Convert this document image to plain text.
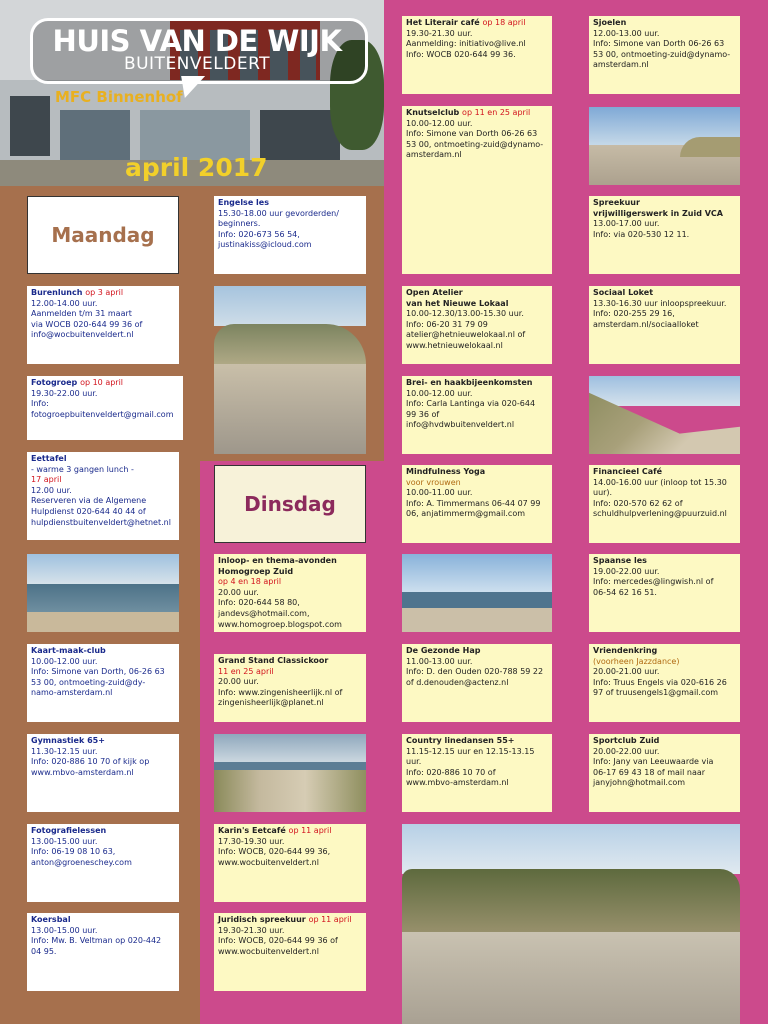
HUIS VAN DE WIJK
BUITENVELDERT
MFC Binnenhof
april 2017
Maandag
Dinsdag
Engelse les
15.30-18.00 uur gevorderden/
beginners.
Info: 020-673 56 54,
justinakiss@icloud.com
Burenlunch op 3 april
12.00-14.00 uur.
Aanmelden t/m 31 maart
via WOCB 020-644 99 36 of
info@wocbuitenveldert.nl
Fotogroep op 10 april
19.30-22.00 uur.
Info:
fotogroepbuitenveldert@gmail.com
Eettafel
- warme 3 gangen lunch -
17 april
12.00 uur.
Reserveren via de Algemene
Hulpdienst 020-644 40 44 of
hulpdienstbuitenveldert@hetnet.nl
Kaart-maak-club
10.00-12.00 uur.
Info: Simone van Dorth, 06-26 63
53 00, ontmoeting-zuid@dy-
namo-amsterdam.nl
Gymnastiek 65+
11.30-12.15 uur.
Info: 020-886 10 70 of kijk op
www.mbvo-amsterdam.nl
Fotografielessen
13.00-15.00 uur.
Info: 06-19 08 10 63,
anton@groeneschey.com
Koersbal
13.00-15.00 uur.
Info: Mw. B. Veltman op 020-442
04 95.
Inloop- en thema-avonden
Homogroep Zuid
op 4 en 18 april
20.00 uur.
Info: 020-644 58 80,
jandevs@hotmail.com,
www.homogroep.blogspot.com
Grand Stand Classickoor
11 en 25 april
20.00 uur.
Info: www.zingenisheerlijk.nl of
zingenisheerlijk@planet.nl
Karin's Eetcafé op 11 april
17.30-19.30 uur.
Info: WOCB, 020-644 99 36,
www.wocbuitenveldert.nl
Juridisch spreekuur op 11 april
19.30-21.30 uur.
Info: WOCB, 020-644 99 36 of
www.wocbuitenveldert.nl
Het Literair café op 18 april
19.30-21.30 uur.
Aanmelding: initiativo@live.nl
Info: WOCB 020-644 99 36.
Knutselclub op 11 en 25 april
10.00-12.00 uur.
Info: Simone van Dorth 06-26 63
53 00, ontmoeting-zuid@dynamo-
amsterdam.nl
Open Atelier
van het Nieuwe Lokaal
10.00-12.30/13.00-15.30 uur.
Info: 06-20 31 79 09
atelier@hetnieuwelokaal.nl of
www.hetnieuwelokaal.nl
Brei- en haakbijeenkomsten
10.00-12.00 uur.
Info: Carla Lantinga via 020-644
99 36 of
info@hvdwbuitenveldert.nl
Mindfulness Yoga
voor vrouwen
10.00-11.00 uur.
Info: A. Timmermans 06-44 07 99
06, anjatimmerm@gmail.com
De Gezonde Hap
11.00-13.00 uur.
Info: D. den Ouden 020-788 59 22
of d.denouden@actenz.nl
Country linedansen 55+
11.15-12.15 uur en 12.15-13.15 uur.
Info: 020-886 10 70 of
www.mbvo-amsterdam.nl
Sjoelen
12.00-13.00 uur.
Info: Simone van Dorth 06-26 63
53 00, ontmoeting-zuid@dynamo-
amsterdam.nl
Spreekuur
vrijwilligerswerk in Zuid VCA
13.00-17.00 uur.
Info: via 020-530 12 11.
Sociaal Loket
13.30-16.30 uur inloopspreekuur.
Info: 020-255 29 16,
amsterdam.nl/sociaalloket
Financieel Café
14.00-16.00 uur (inloop tot 15.30
uur).
Info: 020-570 62 62 of
schuldhulpverlening@puurzuid.nl
Spaanse les
19.00-22.00 uur.
Info: mercedes@lingwish.nl of
06-54 62 16 51.
Vriendenkring
(voorheen Jazzdance)
20.00-21.00 uur.
Info: Truus Engels via 020-616 26
97 of truusengels1@gmail.com
Sportclub Zuid
20.00-22.00 uur.
Info: Jany van Leeuwaarde via
06-17 69 43 18 of mail naar
janyjohn@hotmail.com
